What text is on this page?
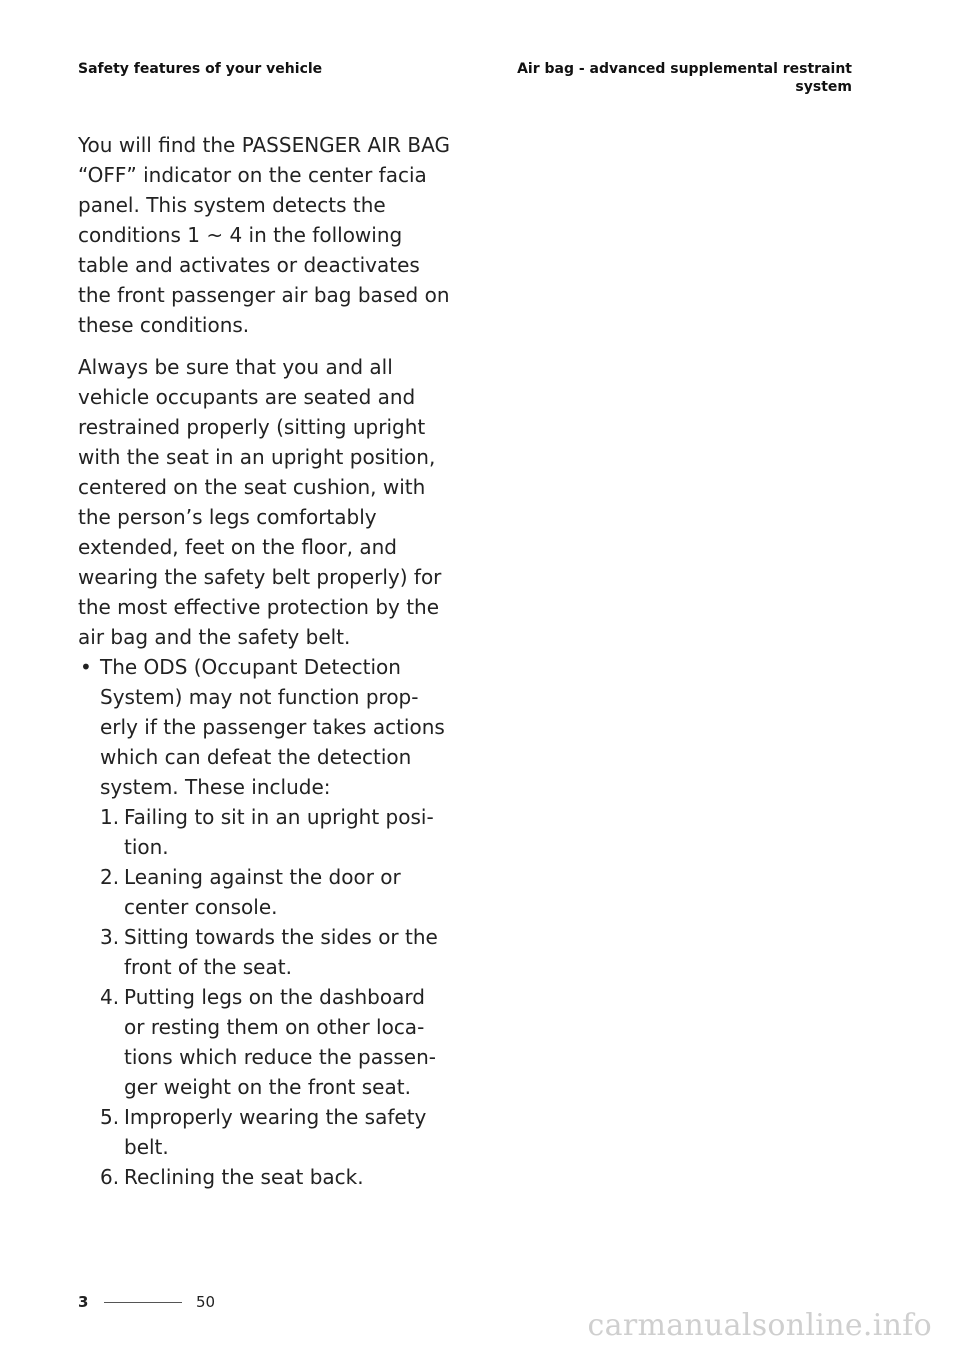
Safety features of your vehicle	Air bag - advanced supplemental restraint
system

You will find the PASSENGER AIR BAG “OFF” indicator on the center facia panel. This system detects the conditions 1 ~ 4 in the following table and activates or deactivates the front passenger air bag based on these conditions.

Always be sure that you and all vehicle occupants are seated and restrained properly (sitting upright with the seat in an upright position, centered on the seat cushion, with the person’s legs comfortably extended, feet on the floor, and wearing the safety belt properly) for the most effective protection by the air bag and the safety belt.

• The ODS (Occupant Detection System) may not function prop-erly if the passenger takes actions which can defeat the detection system. These include:
1. Failing to sit in an upright posi-tion.
2. Leaning against the door or center console.
3. Sitting towards the sides or the front of the seat.
4. Putting legs on the dashboard or resting them on other loca-tions which reduce the passen-ger weight on the front seat.
5. Improperly wearing the safety belt.
6. Reclining the seat back.
3	50
carmanualsonline.info
